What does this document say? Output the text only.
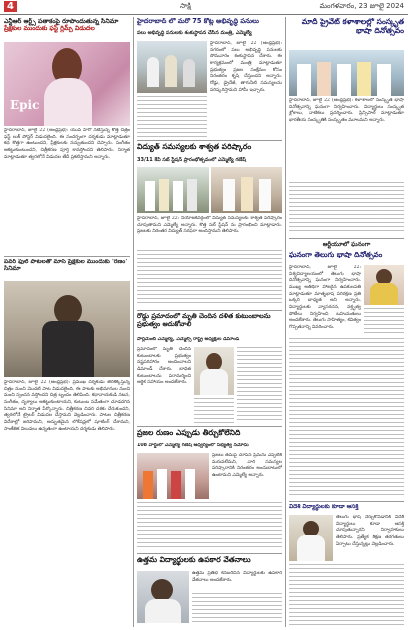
4	సాక్షి	మంగళవారం, 23 జూలై 2024
ఎన్టీఆర్ ఆర్ట్స్ పతాకంపై రూపొందుతున్న సినిమా
ప్రేక్షకుల ముందుకు ఫస్ట్ గ్లిమ్స్ విడుదల
Epic
హైదరాబాద్, జూలై 22 (ఆంధ్రప్రభ): యువ హీరో నటిస్తున్న కొత్త చిత్రం ఫస్ట్ లుక్ పోస్టర్ విడుదలైంది. ఈ సందర్భంగా దర్శకుడు మాట్లాడుతూ కథ కొత్తగా ఉంటుందని, ప్రేక్షకులకు నచ్చుతుందని చెప్పారు. సంగీతం ఆకట్టుకుంటుందని, చిత్రీకరణ పూర్తి కావస్తోందని తెలిపారు. నిర్మాత మాట్లాడుతూ త్వరలోనే విడుదల తేదీ ప్రకటిస్తామని అన్నారు.
పవర్ ఫుల్ పాటలతో మాస్ ప్రేక్షకుల ముందుకు 'రణం' సినిమా
హైదరాబాద్, జూలై 22 (ఆంధ్రప్రభ): ప్రముఖ దర్శకుడు తెరకెక్కిస్తున్న చిత్రం నుంచి మొదటి పాట విడుదలైంది. ఈ పాటకు అభిమానుల నుంచి మంచి స్పందన వస్తోందని చిత్ర బృందం తెలిపింది. కథానాయకుడి నటన, సంగీతం, దృశ్యాలు ఆకట్టుకుంటాయని, కుటుంబ సమేతంగా చూడదగిన సినిమా అని నిర్మాత పేర్కొన్నారు. చిత్రీకరణ చివరి దశకు చేరుకుందని, త్వరలోనే ట్రైలర్ విడుదల చేస్తామని వెల్లడించారు. పాటల చిత్రీకరణ విదేశాల్లో జరిపామని, అద్భుతమైన లొకేషన్లలో షూటింగ్ చేశామని, సాంకేతిక విలువలు ఉన్నతంగా ఉంటాయని దర్శకుడు తెలిపారు.
హైదరాబాద్ లో మరో 75 కోట్ల అభివృద్ధి పనులు
పలు అభివృద్ధి పనులకు శంకుస్థాపన చేసిన మంత్రి, ఎమ్మెల్యే
హైదరాబాద్, జూలై 22 (ఆంధ్రప్రభ): నగరంలో పలు అభివృద్ధి పనులకు సోమవారం శంకుస్థాపన చేశారు. ఈ కార్యక్రమంలో మంత్రి మాట్లాడుతూ ప్రభుత్వం ప్రజల సంక్షేమం కోసం నిరంతరం కృషి చేస్తుందని అన్నారు. రోడ్లు, డ్రైనేజీ, తాగునీటి సమస్యలను పరిష్కరిస్తామని హామీ ఇచ్చారు.
విద్యుత్ సమస్యలకు శాశ్వత పరిష్కారం
33/11 కేవీ సబ్ స్టేషన్ ప్రారంభోత్సవంలో ఎమ్మెల్యే గణేష్
హైదరాబాద్, జూలై 22: నియోజకవర్గంలో విద్యుత్ సమస్యలకు శాశ్వత పరిష్కారం చూపుతామని ఎమ్మెల్యే అన్నారు. కొత్త సబ్ స్టేషన్ ను ప్రారంభించి మాట్లాడారు. ప్రజలకు నిరంతర విద్యుత్ సరఫరా అందిస్తామని తెలిపారు.
రోడ్డు ప్రమాదంలో మృతి చెందిన దళిత కుటుంబాలను ప్రభుత్వం ఆదుకోవాలి
పార్లమెంట్ ఎమ్మెల్యే, ఎమ్మెల్సీ రాష్ట్ర అధ్యక్షుల డిమాండ్
ప్రమాదంలో మృతి చెందిన కుటుంబాలకు ప్రభుత్వం నష్టపరిహారం అందించాలని డిమాండ్ చేశారు. బాధిత కుటుంబాలను పరామర్శించి ఆర్థిక సహాయం అందజేశారు.
ప్రజల రుణం ఎప్పుడు తీర్చుకోలేనిది
108 వార్డులో ఎమ్మెల్యే గణేష్ ఆధ్వర్యంలో సభ్యత్వ నమోదు
ప్రజలు తమపై చూపిన ప్రేమను ఎప్పటికీ మరువలేమని, వారి సమస్యల పరిష్కారానికి నిరంతరం అందుబాటులో ఉంటామని ఎమ్మెల్యే అన్నారు.
ఉత్తమ విద్యార్థులకు ఉపకార వేతనాలు
ఉత్తమ ప్రతిభ కనబరిచిన విద్యార్థులకు ఉపకార వేతనాలు అందజేశారు.
మాదీ ప్రైవేట్ కళాశాలల్లో సంస్కృత భాషా దినోత్సవం
హైదరాబాద్, జూలై 22 (ఆంధ్రప్రభ): కళాశాలలో సంస్కృత భాషా దినోత్సవాన్ని ఘనంగా నిర్వహించారు. విద్యార్థులు సంస్కృత శ్లోకాలు, నాటికలు ప్రదర్శించారు. ప్రిన్సిపాల్ మాట్లాడుతూ భారతీయ సంస్కృతికి సంస్కృతం మూలమని అన్నారు.
ఆర్టీయూలో ఘనంగా
ఘనంగా తెలుగు భాషా దినోత్సవం
హైదరాబాద్, జూలై 22: విశ్వవిద్యాలయంలో తెలుగు భాషా దినోత్సవాన్ని ఘనంగా నిర్వహించారు. ముఖ్య అతిథిగా హాజరైన ఉపకులపతి మాట్లాడుతూ మాతృభాష పరిరక్షణ ప్రతి ఒక్కరి బాధ్యత అని అన్నారు. విద్యార్థులకు వ్యాసరచన, వక్తృత్వ పోటీలు నిర్వహించి బహుమతులు అందజేశారు. తెలుగు సాహిత్యం, కవిత్వం గొప్పతనాన్ని వివరించారు.
విదేశీ విద్యార్థులకు కూడా ఆసక్తి
తెలుగు భాష నేర్చుకోవడానికి విదేశీ విద్యార్థులు కూడా ఆసక్తి చూపుతున్నారని నిర్వాహకులు తెలిపారు. ప్రత్యేక శిక్షణ తరగతులు ఏర్పాటు చేస్తున్నట్లు వెల్లడించారు.
